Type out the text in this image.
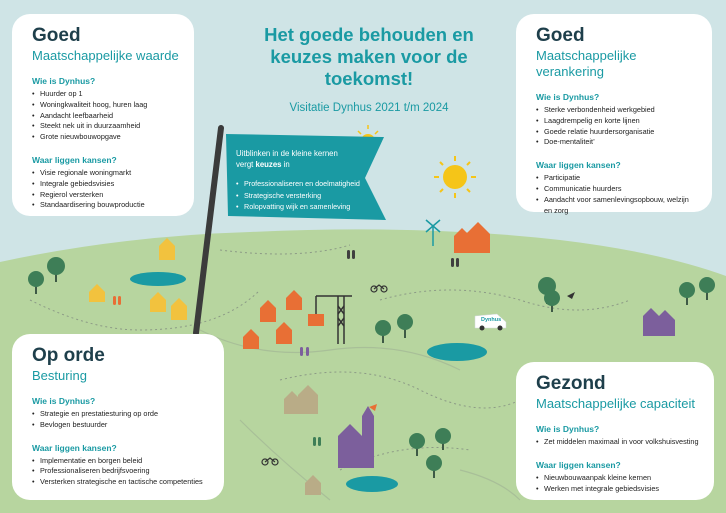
Het goede behouden en
keuzes maken voor de toekomst!
Visitatie Dynhus 2021 t/m 2024
Uitblinken in de kleine kernen
vergt keuzes in
• Professionaliseren en doelmatigheid
• Strategische versterking
• Rolopvatting wijk en samenleving
Dynhus
Goed
Maatschappelijke waarde
Wie is Dynhus?
• Huurder op 1
• Woningkwaliteit hoog, huren laag
• Aandacht leefbaarheid
• Steekt nek uit in duurzaamheid
• Grote nieuwbouwopgave
Waar liggen kansen?
• Visie regionale woningmarkt
• Integrale gebiedsvisies
• Regierol versterken
• Standaardisering bouwproductie
Goed
Maatschappelijke verankering
Wie is Dynhus?
• Sterke verbondenheid werkgebied
• Laagdrempelig en korte lijnen
• Goede relatie huurdersorganisatie
• Doe-mentaliteit’
Waar liggen kansen?
• Participatie
• Communicatie huurders
• Aandacht voor samenlevingsopbouw, welzijn en zorg
Op orde
Besturing
Wie is Dynhus?
• Strategie en prestatiesturing op orde
• Bevlogen bestuurder
Waar liggen kansen?
• Implementatie en borgen beleid
• Professionaliseren bedrijfsvoering
• Versterken strategische en tactische competenties
Gezond
Maatschappelijke capaciteit
Wie is Dynhus?
• Zet middelen maximaal in voor volkshuisvesting
Waar liggen kansen?
• Nieuwbouwaanpak kleine kernen
• Werken met integrale gebiedsvisies
